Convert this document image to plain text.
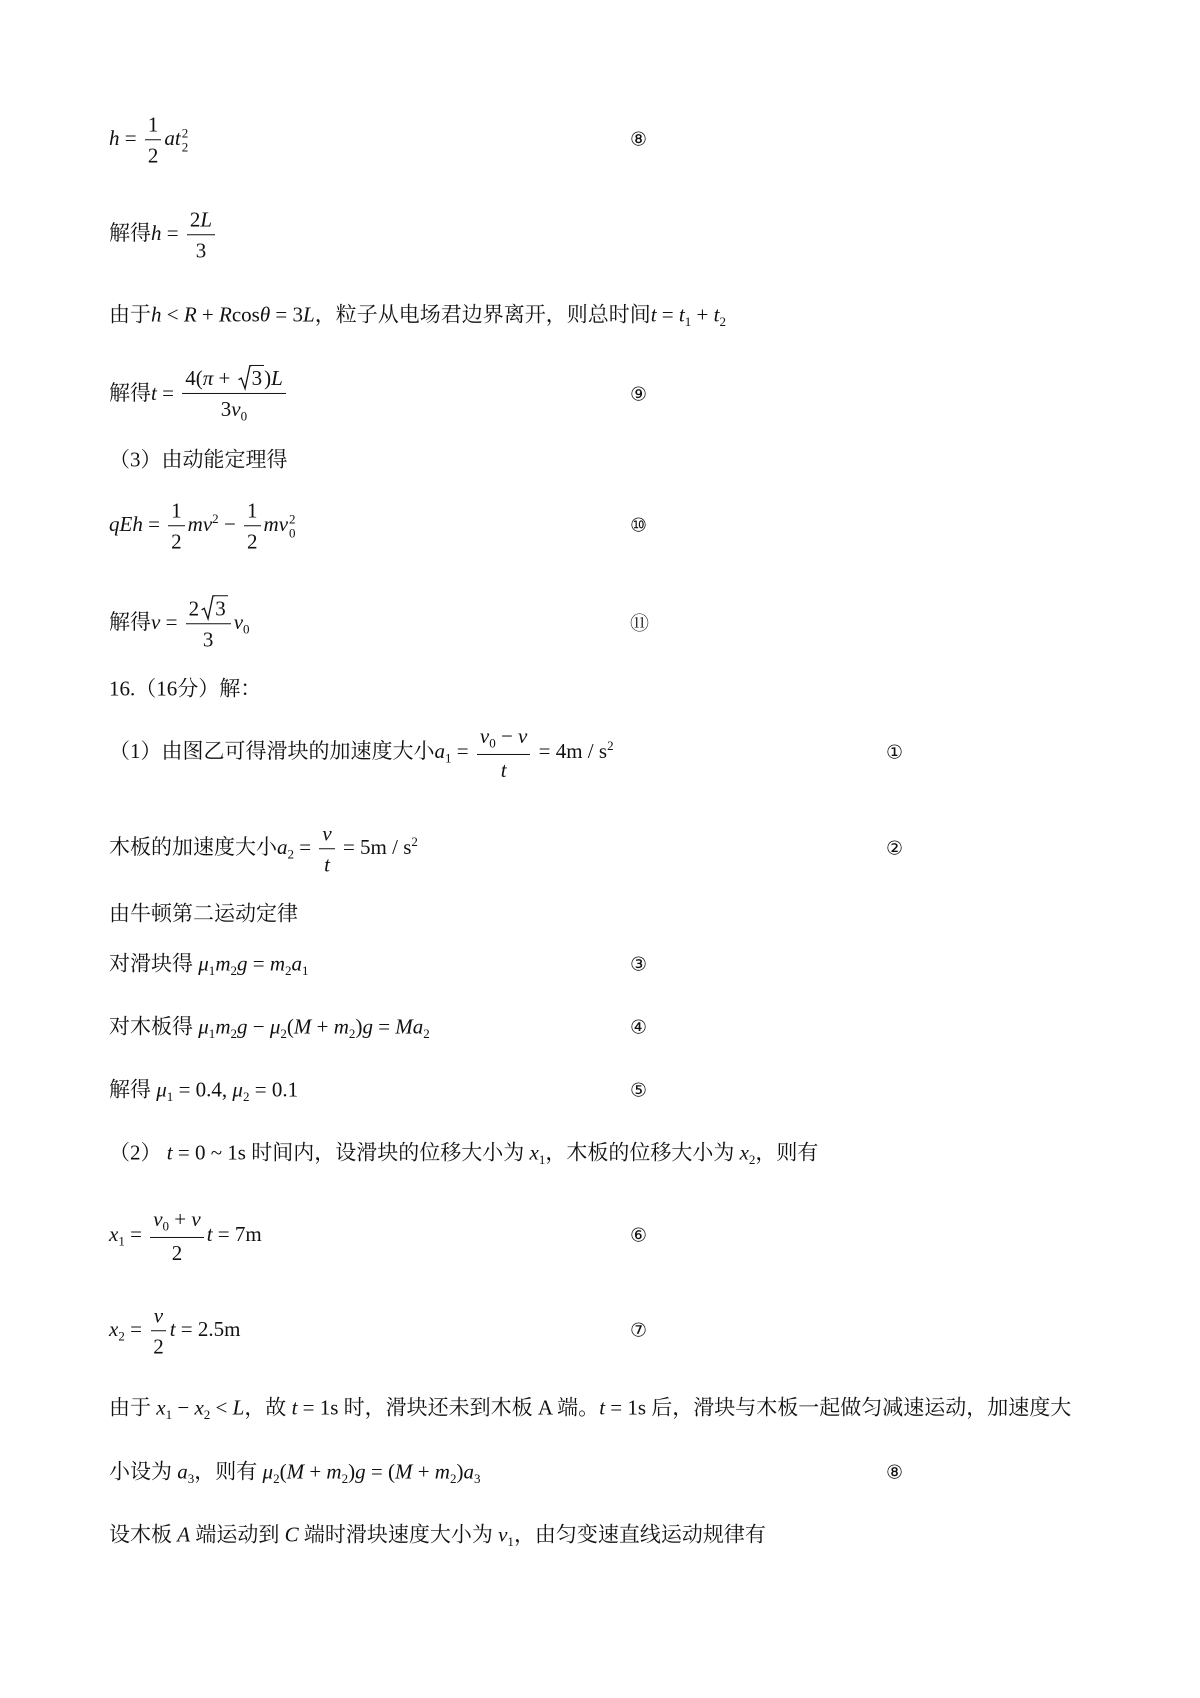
$h = \frac{1}{2}$ at 2
2	⑧
解得$h = \frac{2L}{3}$
由于h < R + Rcosθ = 3L，粒子从电场君边界离开，则总时间$t = t_1 + t_2$
解得t = 4(π +
3)L
$3v_0$	⑨
（3）由动能定理得
qEh = $\frac{1}{2} mv^2 - \frac{1}{2}$ mv 2
0	⑩
解得$v = \frac{2 3}{3} v_0$	⑪
16.（16分）解：
（1）由图乙可得滑块的加速度大小$a_1 = \frac{v_0 - v}{t} = 4m / s^2$	①
木板的加速度大小$a_2 = \frac{v}{t} = 5m / s^2$	②
由牛顿第二运动定律
对滑块得 $\mu_1m_2g = m_2a_1$	③
对木板得 $\mu_1m_2g - \mu_2(M + m_2)g = Ma_2$	④
解得 $\mu_1 = 0.4$, $\mu_2 = 0.1$	⑤
（2） t = 0 ~ 1s 时间内，设滑块的位移大小为 $x_1$，木板的位移大小为 $x_2$，则有
$x_1 = \frac{v_0 + v}{2}$ t = 7m	⑥
$x_2 = \frac{v}{2}$ t = 2.5m	⑦
由于 $x_1 - x_2 < L$，故 t = 1s 时，滑块还未到木板 A 端。t = 1s 后，滑块与木板一起做匀减速运动，加速度大
小设为 $a_3$，则有 $\mu_2(M + m_2)g = (M + m_2)a_3$	⑧
设木板 A 端运动到 C 端时滑块速度大小为 $v_1$，由匀变速直线运动规律有
